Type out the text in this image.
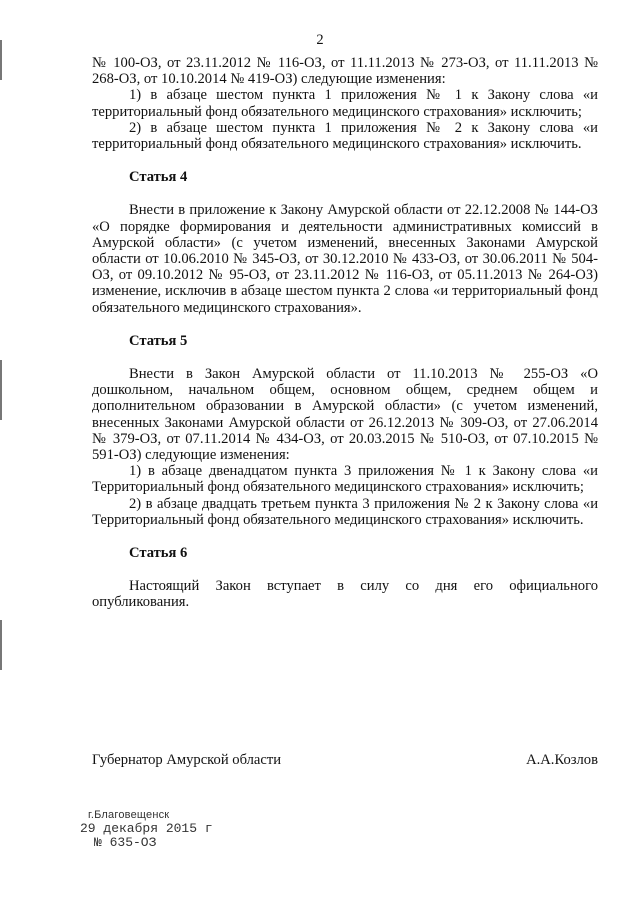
2

№ 100-ОЗ, от 23.11.2012 № 116-ОЗ, от 11.11.2013 № 273-ОЗ, от 11.11.2013 № 268-ОЗ, от 10.10.2014 № 419-ОЗ) следующие изменения:

1) в абзаце шестом пункта 1 приложения № 1 к Закону слова «и территориальный фонд обязательного медицинского страхования» исключить;

2) в абзаце шестом пункта 1 приложения № 2 к Закону слова «и территориальный фонд обязательного медицинского страхования» исключить.

Статья 4

Внести в приложение к Закону Амурской области от 22.12.2008 № 144-ОЗ «О порядке формирования и деятельности административных комиссий в Амурской области» (с учетом изменений, внесенных Законами Амурской области от 10.06.2010 № 345-ОЗ, от 30.12.2010 № 433-ОЗ, от 30.06.2011 № 504-ОЗ, от 09.10.2012 № 95-ОЗ, от 23.11.2012 № 116-ОЗ, от 05.11.2013 № 264-ОЗ) изменение, исключив в абзаце шестом пункта 2 слова «и территориальный фонд обязательного медицинского страхования».

Статья 5

Внести в Закон Амурской области от 11.10.2013 № 255-ОЗ «О дошкольном, начальном общем, основном общем, среднем общем и дополнительном образовании в Амурской области» (с учетом изменений, внесенных Законами Амурской области от 26.12.2013 № 309-ОЗ, от 27.06.2014 № 379-ОЗ, от 07.11.2014 № 434-ОЗ, от 20.03.2015 № 510-ОЗ, от 07.10.2015 № 591-ОЗ) следующие изменения:

1) в абзаце двенадцатом пункта 3 приложения № 1 к Закону слова «и Территориальный фонд обязательного медицинского страхования» исключить;

2) в абзаце двадцать третьем пункта 3 приложения № 2 к Закону слова «и Территориальный фонд обязательного медицинского страхования» исключить.

Статья 6

Настоящий Закон вступает в силу со дня его официального опубликования.

Губернатор Амурской области	А.А.Козлов
г.Благовещенск
29 декабря 2015 г
№ 635-ОЗ
